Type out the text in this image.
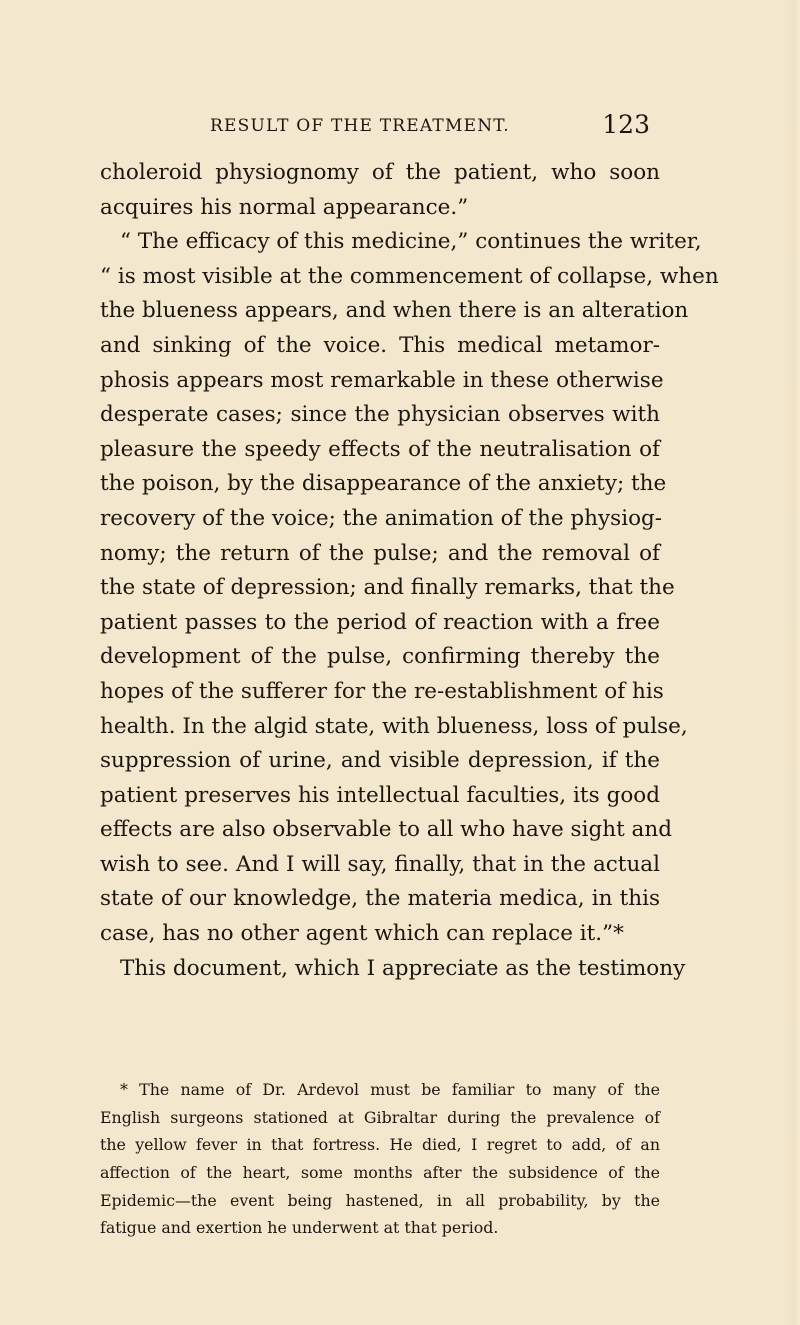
RESULT OF THE TREATMENT.	123
choleroid physiognomy of the patient, who soon
acquires his normal appearance.”
“ The efficacy of this medicine,” continues the writer,
“ is most visible at the commencement of collapse, when
the blueness appears, and when there is an alteration
and sinking of the voice. This medical metamor-
phosis appears most remarkable in these otherwise
desperate cases; since the physician observes with
pleasure the speedy effects of the neutralisation of
the poison, by the disappearance of the anxiety; the
recovery of the voice; the animation of the physiog-
nomy; the return of the pulse; and the removal of
the state of depression; and finally remarks, that the
patient passes to the period of reaction with a free
development of the pulse, confirming thereby the
hopes of the sufferer for the re-establishment of his
health. In the algid state, with blueness, loss of pulse,
suppression of urine, and visible depression, if the
patient preserves his intellectual faculties, its good
effects are also observable to all who have sight and
wish to see. And I will say, finally, that in the actual
state of our knowledge, the materia medica, in this
case, has no other agent which can replace it.”*
This document, which I appreciate as the testimony
* The name of Dr. Ardevol must be familiar to many of the
English surgeons stationed at Gibraltar during the prevalence of
the yellow fever in that fortress. He died, I regret to add, of an
affection of the heart, some months after the subsidence of the
Epidemic—the event being hastened, in all probability, by the
fatigue and exertion he underwent at that period.
